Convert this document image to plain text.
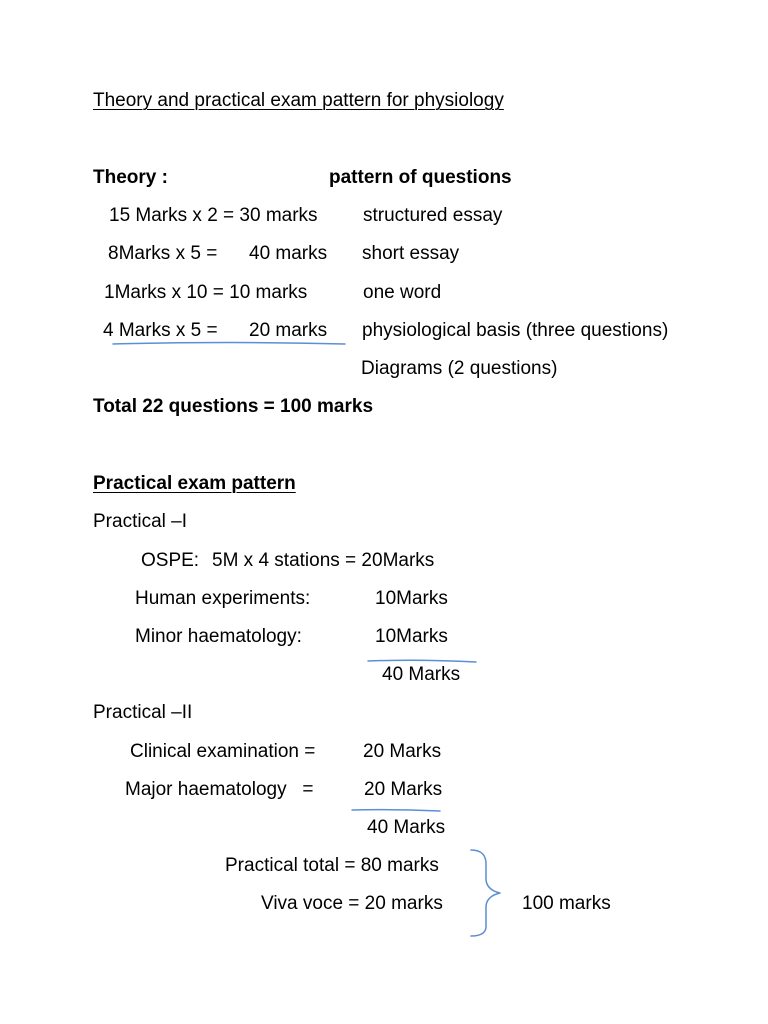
Theory and practical exam pattern for physiology
Theory :	pattern of questions
15 Marks x 2 = 30 marks structured essay
8Marks x 5 = 40 marks short essay
1Marks x 10 = 10 marks	one word
4 Marks x 5 = 20 marks physiological basis (three questions)
Diagrams (2 questions)
Total 22 questions = 100 marks
Practical exam pattern
Practical –I
OSPE: 5M x 4 stations = 20Marks
Human experiments:	10Marks
Minor haematology:	10Marks
40 Marks
Practical –II
Clinical examination =	20 Marks
Major haematology   =	20 Marks
40 Marks
Practical total = 80 marks
Viva voce = 20 marks	100 marks
